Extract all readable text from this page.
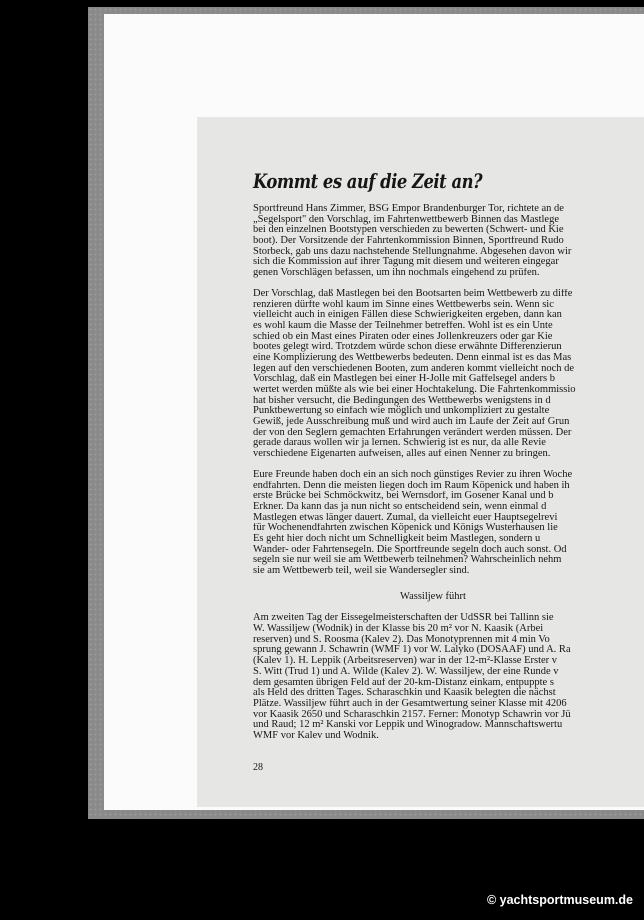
Kommt es auf die Zeit an?

Sportfreund Hans Zimmer, BSG Empor Brandenburger Tor, richtete an de
„Segelsport" den Vorschlag, im Fahrtenwettbewerb Binnen das Mastlege
bei den einzelnen Bootstypen verschieden zu bewerten (Schwert- und Kie
boot). Der Vorsitzende der Fahrtenkommission Binnen, Sportfreund Rudo
Storbeck, gab uns dazu nachstehende Stellungnahme. Abgesehen davon wir
sich die Kommission auf ihrer Tagung mit diesem und weiteren eingegar
genen Vorschlägen befassen, um ihn nochmals eingehend zu prüfen.

Der Vorschlag, daß Mastlegen bei den Bootsarten beim Wettbewerb zu diffe
renzieren dürfte wohl kaum im Sinne eines Wettbewerbs sein. Wenn sic
vielleicht auch in einigen Fällen diese Schwierigkeiten ergeben, dann kan
es wohl kaum die Masse der Teilnehmer betreffen. Wohl ist es ein Unte
schied ob ein Mast eines Piraten oder eines Jollenkreuzers oder gar Kie
bootes gelegt wird. Trotzdem würde schon diese erwähnte Differenzierun
eine Komplizierung des Wettbewerbs bedeuten. Denn einmal ist es das Mas
legen auf den verschiedenen Booten, zum anderen kommt vielleicht noch de
Vorschlag, daß ein Mastlegen bei einer H-Jolle mit Gaffelsegel anders b
wertet werden müßte als wie bei einer Hochtakelung. Die Fahrtenkommissio
hat bisher versucht, die Bedingungen des Wettbewerbs wenigstens in d
Punktbewertung so einfach wie möglich und unkompliziert zu gestalte
Gewiß, jede Ausschreibung muß und wird auch im Laufe der Zeit auf Grun
der von den Seglern gemachten Erfahrungen verändert werden müssen. Der
gerade daraus wollen wir ja lernen. Schwierig ist es nur, da alle Revie
verschiedene Eigenarten aufweisen, alles auf einen Nenner zu bringen.

Eure Freunde haben doch ein an sich noch günstiges Revier zu ihren Woche
endfahrten. Denn die meisten liegen doch im Raum Köpenick und haben ih
erste Brücke bei Schmöckwitz, bei Wernsdorf, im Gosener Kanal und b
Erkner. Da kann das ja nun nicht so entscheidend sein, wenn einmal d
Mastlegen etwas länger dauert. Zumal, da vielleicht euer Hauptsegelrevi
für Wochenendfahrten zwischen Köpenick und Königs Wusterhausen lie
Es geht hier doch nicht um Schnelligkeit beim Mastlegen, sondern u
Wander- oder Fahrtensegeln. Die Sportfreunde segeln doch auch sonst. Od
segeln sie nur weil sie am Wettbewerb teilnehmen? Wahrscheinlich nehm
sie am Wettbewerb teil, weil sie Wandersegler sind.

Wassiljew führt

Am zweiten Tag der Eissegelmeisterschaften der UdSSR bei Tallinn sie
W. Wassiljew (Wodnik) in der Klasse bis 20 m² vor N. Kaasik (Arbei
reserven) und S. Roosma (Kalev 2). Das Monotyprennen mit 4 min Vo
sprung gewann J. Schawrin (WMF 1) vor W. Lalyko (DOSAAF) und A. Ra
(Kalev 1). H. Leppik (Arbeitsreserven) war in der 12-m²-Klasse Erster v
S. Witt (Trud 1) und A. Wilde (Kalev 2). W. Wassiljew, der eine Runde v
dem gesamten übrigen Feld auf der 20-km-Distanz einkam, entpuppte s
als Held des dritten Tages. Scharaschkin und Kaasik belegten die nächst
Plätze. Wassiljew führt auch in der Gesamtwertung seiner Klasse mit 4206
vor Kaasik 2650 und Scharaschkin 2157. Ferner: Monotyp Schawrin vor Jü
und Raud; 12 m² Kanski vor Leppik und Winogradow. Mannschaftswertu
WMF vor Kalev und Wodnik.

28
© yachtsportmuseum.de
